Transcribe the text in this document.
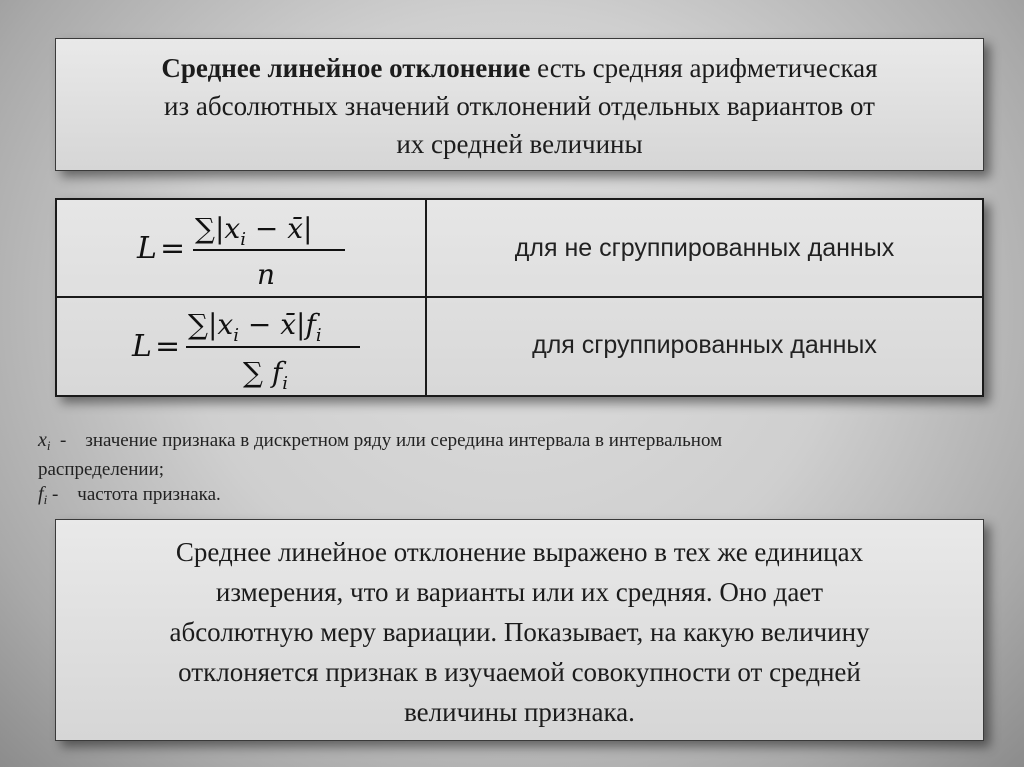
Среднее линейное отклонение есть средняя арифметическая
из абсолютных значений отклонений отдельных вариантов от
их средней величины
L =
$\sum|x_i$ − x̄|
n
для не сгруппированных данных
L =
$\sum|x_i$ − $x̄|f_i$
∑ $f_i$
для сгруппированных данных
$x_i$  -    значение признака в дискретном ряду или середина интервала в интервальном
распределении;
$f_i$ -    частота признака.
Среднее линейное отклонение выражено в тех же единицах
измерения, что и варианты или их средняя. Оно дает
абсолютную меру вариации. Показывает, на какую величину
отклоняется признак в изучаемой совокупности от средней
величины признака.
